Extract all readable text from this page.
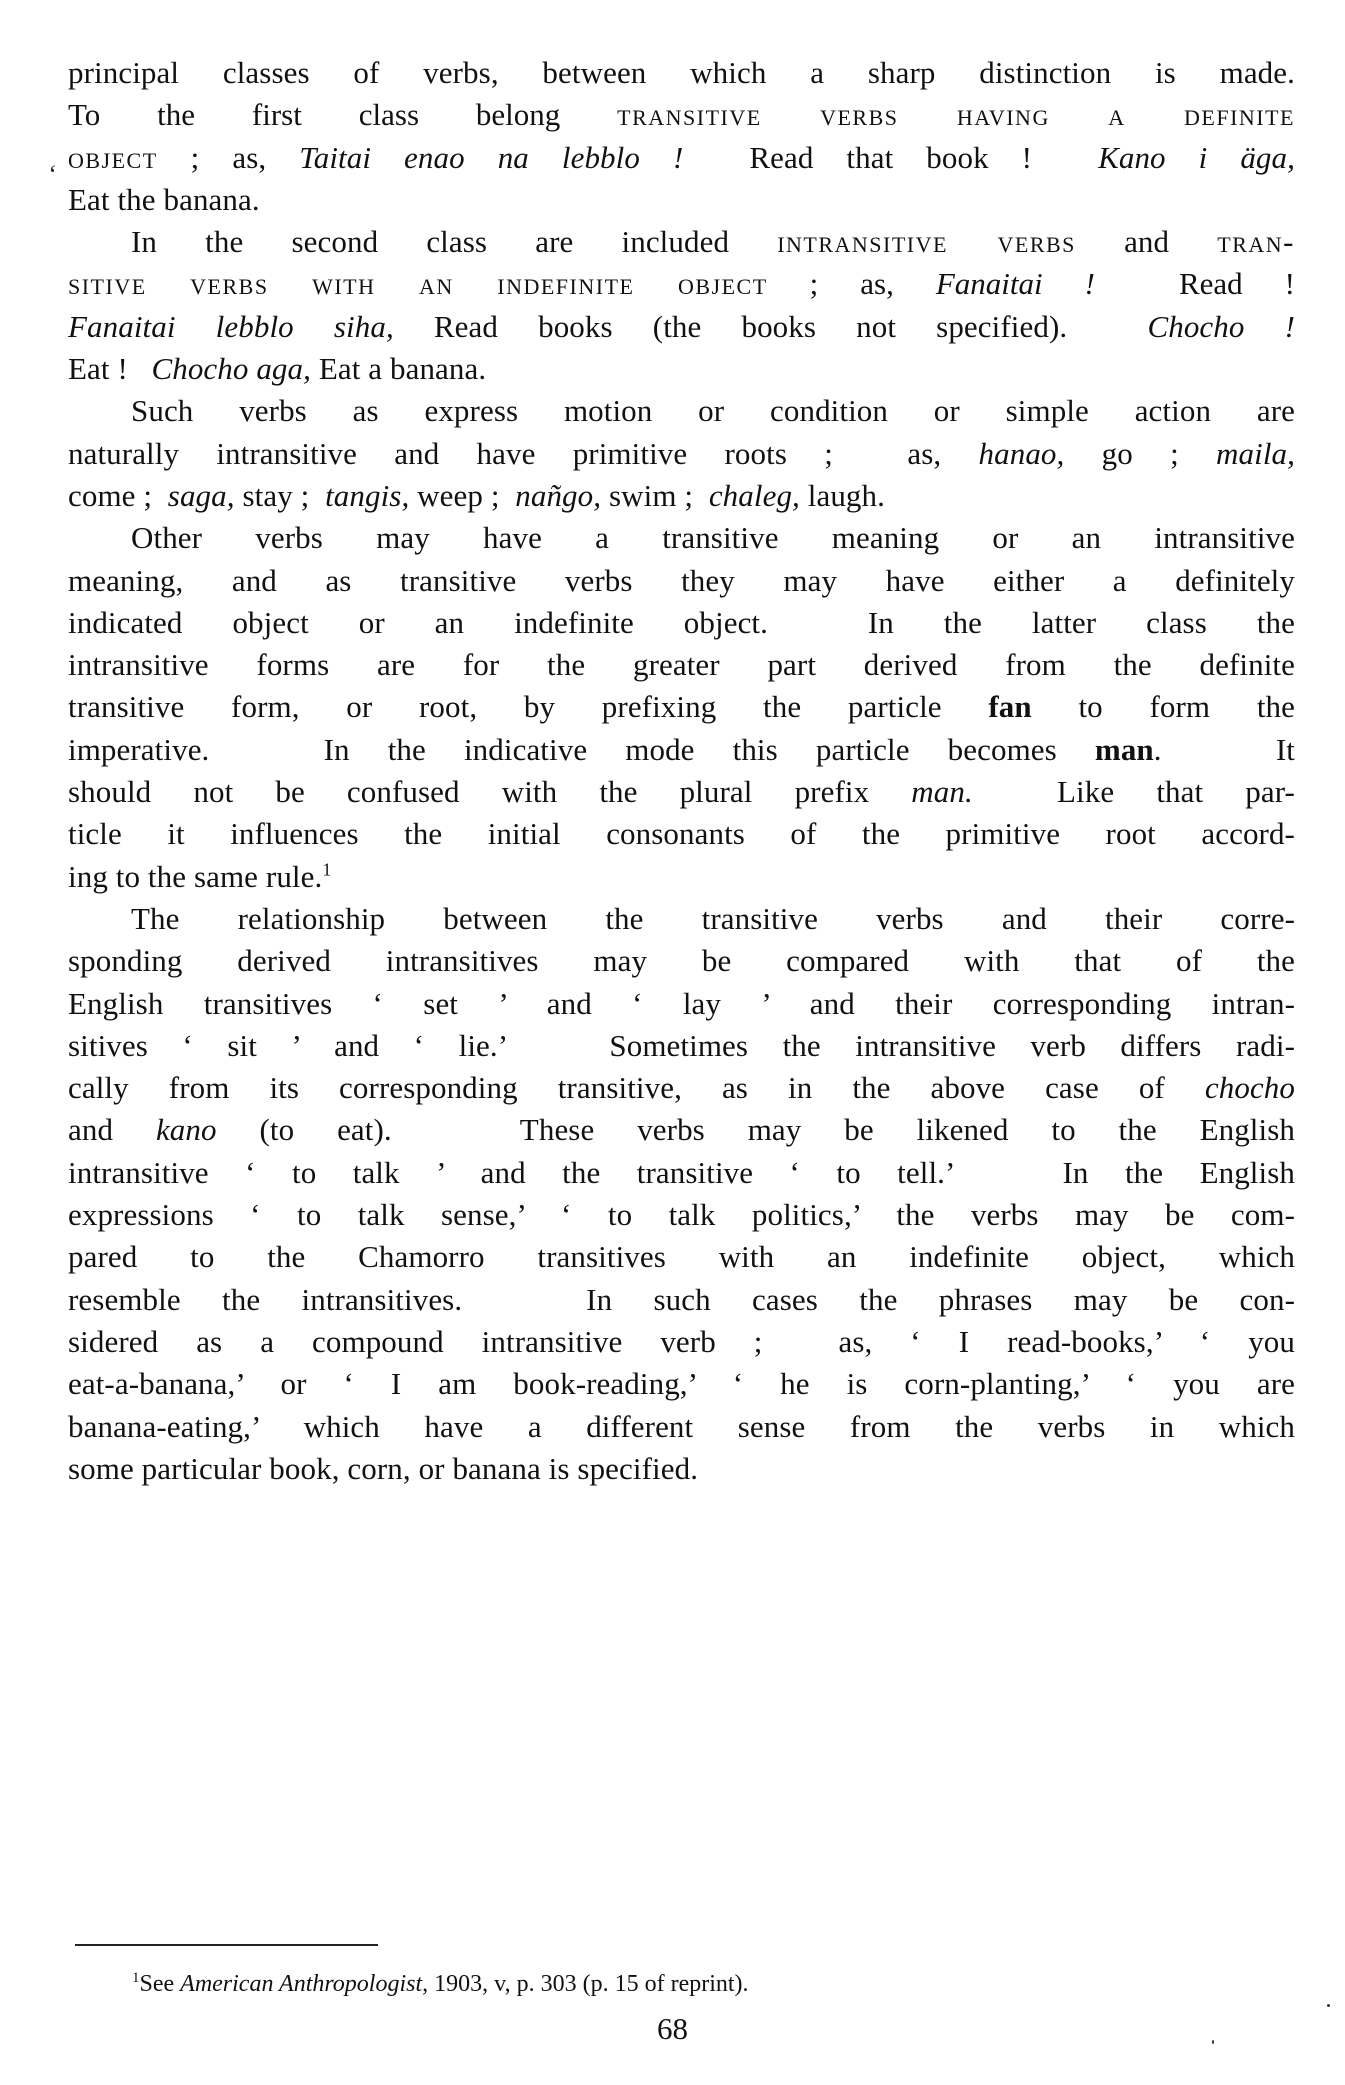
‘
principal classes of verbs, between which a sharp distinction is made.
To the first class belong transitive verbs having a definite
object ; as, Taitai enao na lebblo !  Read that book !  Kano i äga,
Eat the banana.
In the second class are included intransitive verbs and tran-
sitive verbs with an indefinite object ; as, Fanaitai !  Read !
Fanaitai lebblo siha, Read books (the books not specified).  Chocho !
Eat !   Chocho aga, Eat a banana.
Such verbs as express motion or condition or simple action are
naturally intransitive and have primitive roots ;  as, hanao, go ; maila,
come ;  saga, stay ;  tangis, weep ;  nañgo, swim ;  chaleg, laugh.
Other verbs may have a transitive meaning or an intransitive
meaning, and as transitive verbs they may have either a definitely
indicated object or an indefinite object.  In the latter class the
intransitive forms are for the greater part derived from the definite
transitive form, or root, by prefixing the particle fan to form the
imperative.   In the indicative mode this particle becomes man.   It
should not be confused with the plural prefix man.  Like that par-
ticle it influences the initial consonants of the primitive root accord-
ing to the same rule.$^1$
The relationship between the transitive verbs and their corre-
sponding derived intransitives may be compared with that of the
English transitives ‘ set ’ and ‘ lay ’ and their corresponding intran-
sitives ‘ sit ’ and ‘ lie.’   Sometimes the intransitive verb differs radi-
cally from its corresponding transitive, as in the above case of chocho
and kano (to eat).   These verbs may be likened to the English
intransitive ‘ to talk ’ and the transitive ‘ to tell.’   In the English
expressions ‘ to talk sense,’ ‘ to talk politics,’ the verbs may be com-
pared to the Chamorro transitives with an indefinite object, which
resemble the intransitives.   In such cases the phrases may be con-
sidered as a compound intransitive verb ;  as, ‘ I read-books,’ ‘ you
eat-a-banana,’ or ‘ I am book-reading,’ ‘ he is corn-planting,’ ‘ you are
banana-eating,’ which have a different sense from the verbs in which
some particular book, corn, or banana is specified.
$^1$See American Anthropologist, 1903, v, p. 303 (p. 15 of reprint).
68
